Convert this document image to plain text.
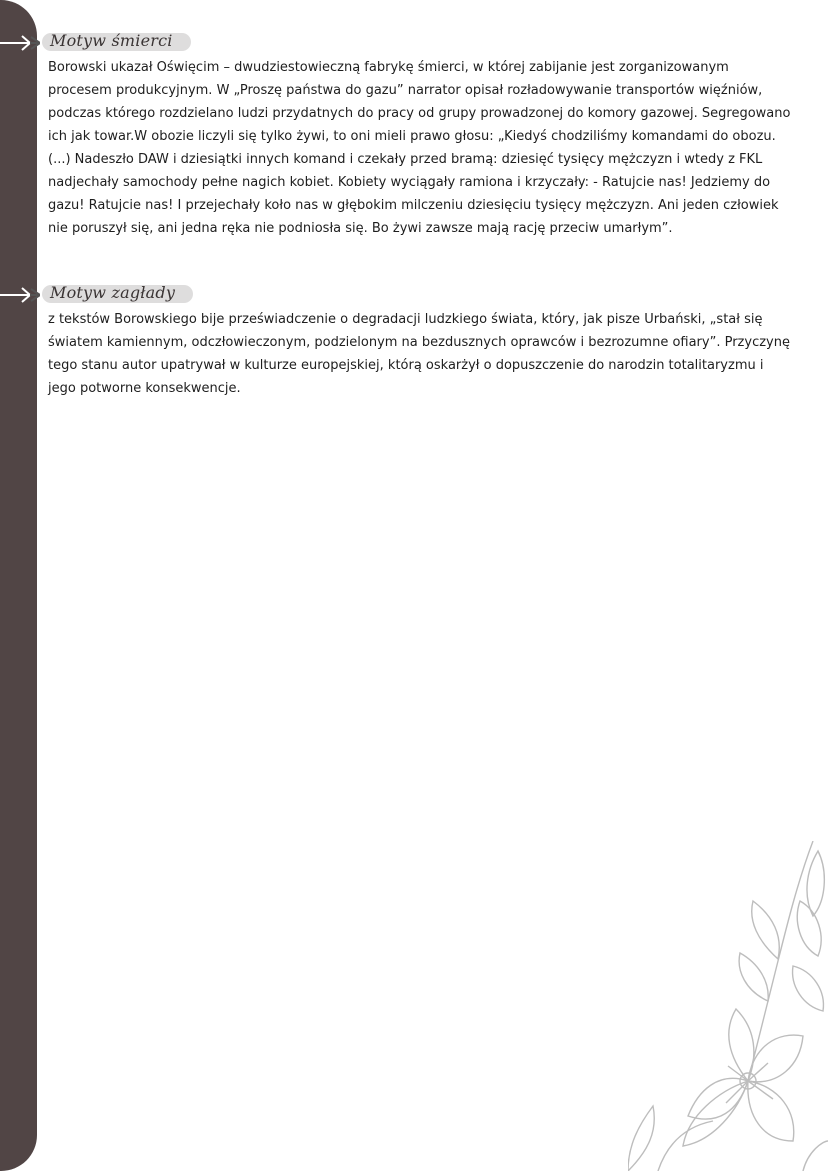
Motyw śmierci

Borowski ukazał Oświęcim – dwudziestowieczną fabrykę śmierci, w której zabijanie jest zorganizowanym procesem produkcyjnym. W „Proszę państwa do gazu” narrator opisał rozładowywanie transportów więźniów, podczas którego rozdzielano ludzi przydatnych do pracy od grupy prowadzonej do komory gazowej. Segregowano ich jak towar.W obozie liczyli się tylko żywi, to oni mieli prawo głosu: „Kiedyś chodziliśmy komandami do obozu. (...) Nadeszło DAW i dziesiątki innych komand i czekały przed bramą: dziesięć tysięcy mężczyzn i wtedy z FKL nadjechały samochody pełne nagich kobiet. Kobiety wyciągały ramiona i krzyczały: - Ratujcie nas! Jedziemy do gazu! Ratujcie nas! I przejechały koło nas w głębokim milczeniu dziesięciu tysięcy mężczyzn. Ani jeden człowiek nie poruszył się, ani jedna ręka nie podniosła się. Bo żywi zawsze mają rację przeciw umarłym”.

Motyw zagłady

z tekstów Borowskiego bije przeświadczenie o degradacji ludzkiego świata, który, jak pisze Urbański, „stał się światem kamiennym, odczłowieczonym, podzielonym na bezdusznych oprawców i bezrozumne ofiary”. Przyczynę tego stanu autor upatrywał w kulturze europejskiej, którą oskarżył o dopuszczenie do narodzin totalitaryzmu i jego potworne konsekwencje.
